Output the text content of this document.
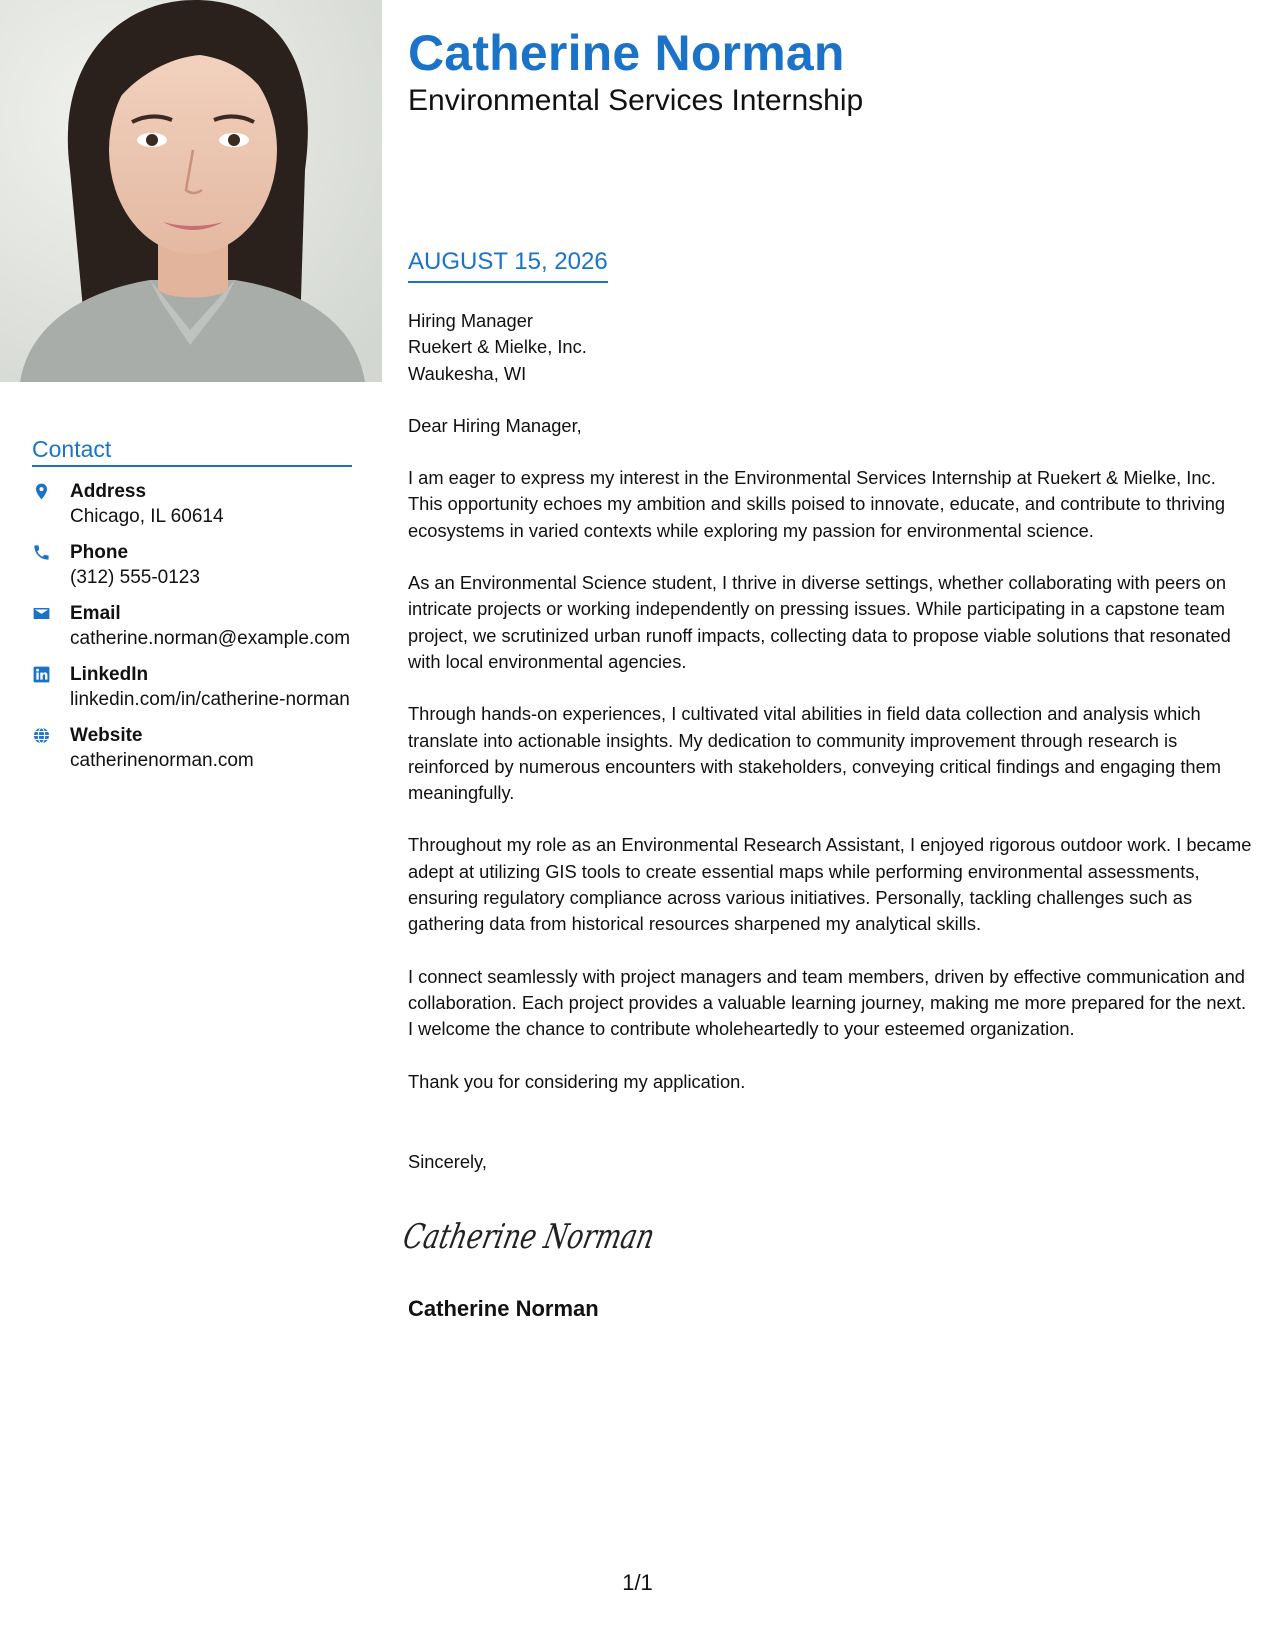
Catherine Norman
Environmental Services Internship
Contact
Address
Chicago, IL 60614
Phone
(312) 555-0123
Email
catherine.norman@example.com
LinkedIn
linkedin.com/in/catherine-norman
Website
catherinenorman.com
AUGUST 15, 2026
Hiring Manager
Ruekert & Mielke, Inc.
Waukesha, WI

Dear Hiring Manager,

I am eager to express my interest in the Environmental Services Internship at Ruekert & Mielke, Inc. This opportunity echoes my ambition and skills poised to innovate, educate, and contribute to thriving ecosystems in varied contexts while exploring my passion for environmental science.

As an Environmental Science student, I thrive in diverse settings, whether collaborating with peers on intricate projects or working independently on pressing issues. While participating in a capstone team project, we scrutinized urban runoff impacts, collecting data to propose viable solutions that resonated with local environmental agencies.

Through hands-on experiences, I cultivated vital abilities in field data collection and analysis which translate into actionable insights. My dedication to community improvement through research is reinforced by numerous encounters with stakeholders, conveying critical findings and engaging them meaningfully.

Throughout my role as an Environmental Research Assistant, I enjoyed rigorous outdoor work. I became adept at utilizing GIS tools to create essential maps while performing environmental assessments, ensuring regulatory compliance across various initiatives. Personally, tackling challenges such as gathering data from historical resources sharpened my analytical skills.

I connect seamlessly with project managers and team members, driven by effective communication and collaboration. Each project provides a valuable learning journey, making me more prepared for the next. I welcome the chance to contribute wholeheartedly to your esteemed organization.

Thank you for considering my application.

Sincerely,
Catherine Norman
Catherine Norman
1/1
